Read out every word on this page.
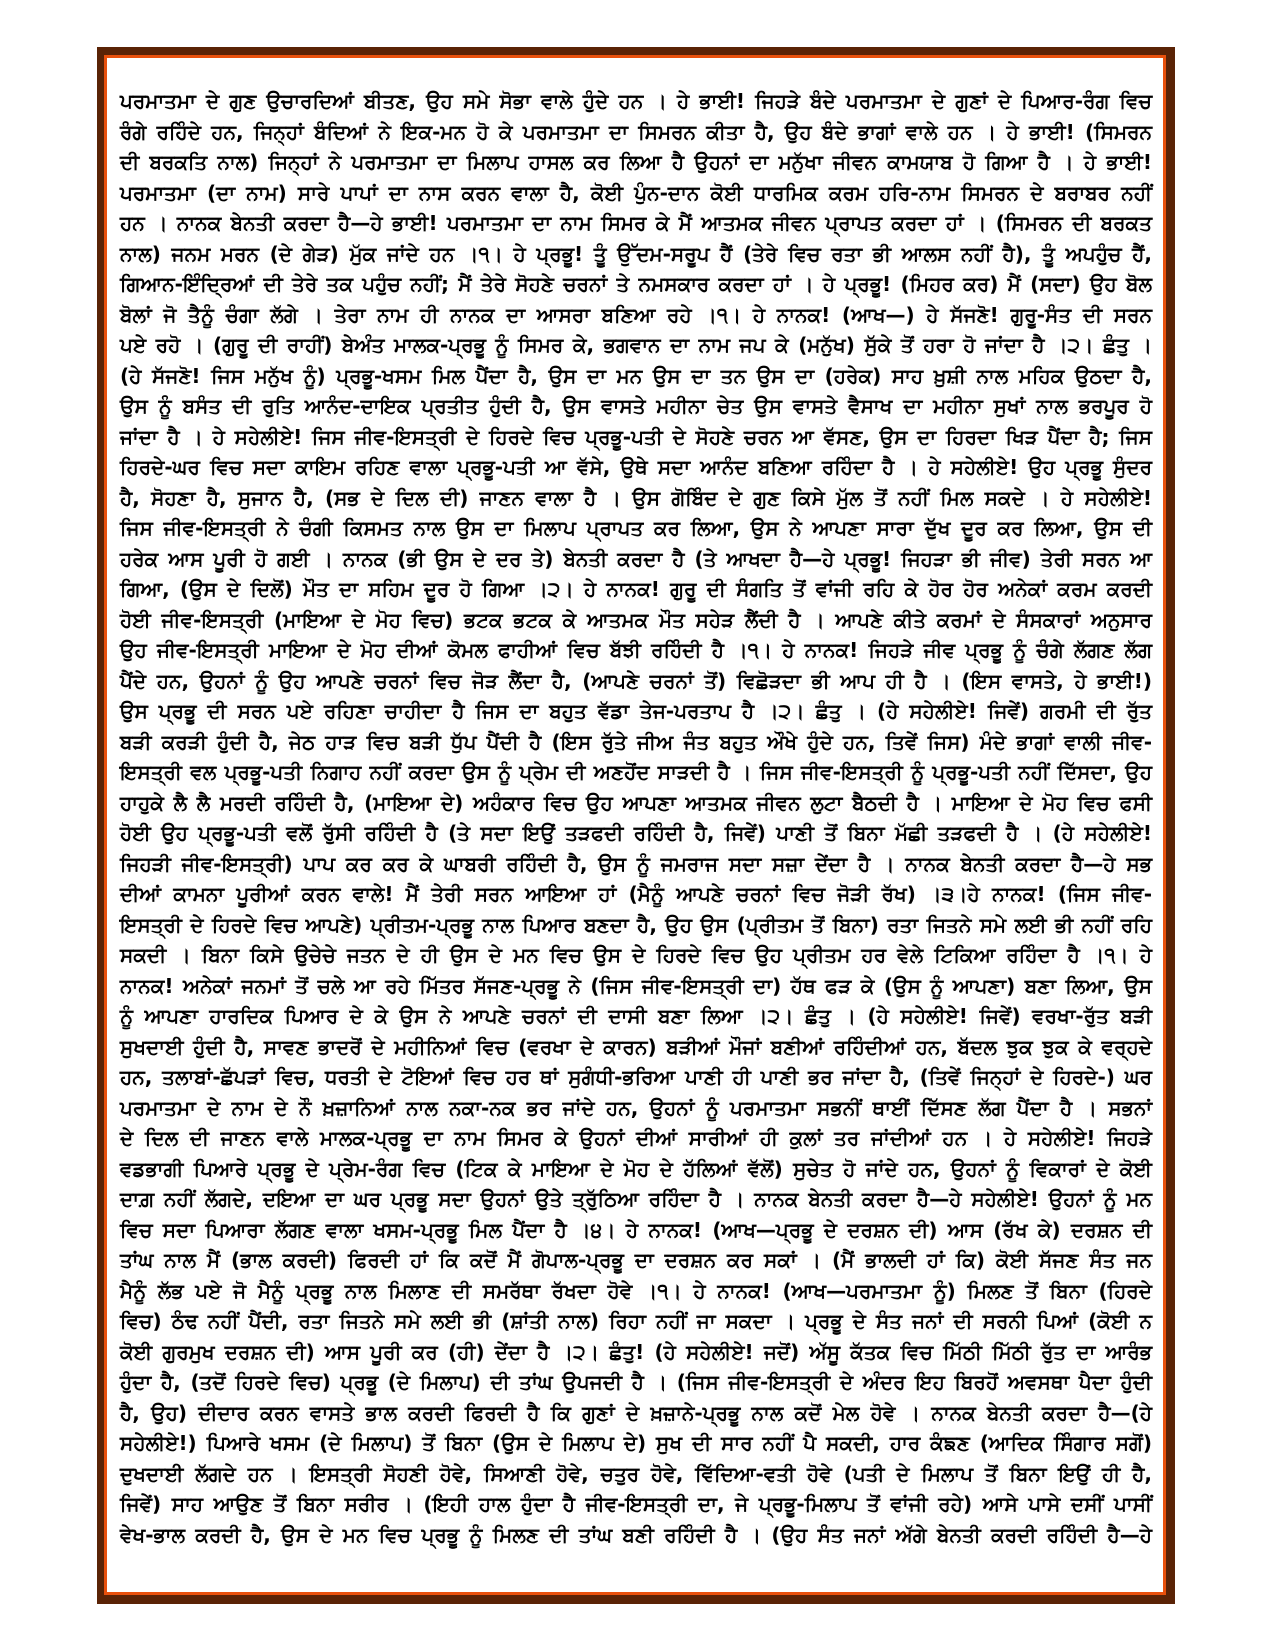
ਪਰਮਾਤਮਾ ਦੇ ਗੁਣ ਉਚਾਰਦਿਆਂ ਬੀਤਣ, ਉਹ ਸਮੇ ਸੋਭਾ ਵਾਲੇ ਹੁੰਦੇ ਹਨ । ਹੇ ਭਾਈ! ਜਿਹੜੇ ਬੰਦੇ ਪਰਮਾਤਮਾ ਦੇ ਗੁਣਾਂ ਦੇ ਪਿਆਰ-ਰੰਗ ਵਿਚ
ਰੰਗੇ ਰਹਿੰਦੇ ਹਨ, ਜਿਨ੍ਹਾਂ ਬੰਦਿਆਂ ਨੇ ਇਕ-ਮਨ ਹੋ ਕੇ ਪਰਮਾਤਮਾ ਦਾ ਸਿਮਰਨ ਕੀਤਾ ਹੈ, ਉਹ ਬੰਦੇ ਭਾਗਾਂ ਵਾਲੇ ਹਨ । ਹੇ ਭਾਈ! (ਸਿਮਰਨ
ਦੀ ਬਰਕਤਿ ਨਾਲ) ਜਿਨ੍ਹਾਂ ਨੇ ਪਰਮਾਤਮਾ ਦਾ ਮਿਲਾਪ ਹਾਸਲ ਕਰ ਲਿਆ ਹੈ ਉਹਨਾਂ ਦਾ ਮਨੁੱਖਾ ਜੀਵਨ ਕਾਮਯਾਬ ਹੋ ਗਿਆ ਹੈ । ਹੇ ਭਾਈ!
ਪਰਮਾਤਮਾ (ਦਾ ਨਾਮ) ਸਾਰੇ ਪਾਪਾਂ ਦਾ ਨਾਸ ਕਰਨ ਵਾਲਾ ਹੈ, ਕੋਈ ਪੁੰਨ-ਦਾਨ ਕੋਈ ਧਾਰਮਿਕ ਕਰਮ ਹਰਿ-ਨਾਮ ਸਿਮਰਨ ਦੇ ਬਰਾਬਰ ਨਹੀਂ
ਹਨ । ਨਾਨਕ ਬੇਨਤੀ ਕਰਦਾ ਹੈ—ਹੇ ਭਾਈ! ਪਰਮਾਤਮਾ ਦਾ ਨਾਮ ਸਿਮਰ ਕੇ ਮੈਂ ਆਤਮਕ ਜੀਵਨ ਪ੍ਰਾਪਤ ਕਰਦਾ ਹਾਂ । (ਸਿਮਰਨ ਦੀ ਬਰਕਤ
ਨਾਲ) ਜਨਮ ਮਰਨ (ਦੇ ਗੇੜ) ਮੁੱਕ ਜਾਂਦੇ ਹਨ ।੧। ਹੇ ਪ੍ਰਭੂ! ਤੂੰ ਉੱਦਮ-ਸਰੂਪ ਹੈਂ (ਤੇਰੇ ਵਿਚ ਰਤਾ ਭੀ ਆਲਸ ਨਹੀਂ ਹੈ), ਤੂੰ ਅਪਹੁੰਚ ਹੈਂ,
ਗਿਆਨ-ਇੰਦ੍ਰਿਆਂ ਦੀ ਤੇਰੇ ਤਕ ਪਹੁੰਚ ਨਹੀਂ; ਮੈਂ ਤੇਰੇ ਸੋਹਣੇ ਚਰਨਾਂ ਤੇ ਨਮਸਕਾਰ ਕਰਦਾ ਹਾਂ । ਹੇ ਪ੍ਰਭੂ! (ਮਿਹਰ ਕਰ) ਮੈਂ (ਸਦਾ) ਉਹ ਬੋਲ
ਬੋਲਾਂ ਜੋ ਤੈਨੂੰ ਚੰਗਾ ਲੱਗੇ । ਤੇਰਾ ਨਾਮ ਹੀ ਨਾਨਕ ਦਾ ਆਸਰਾ ਬਣਿਆ ਰਹੇ ।੧। ਹੇ ਨਾਨਕ! (ਆਖ—) ਹੇ ਸੱਜਣੋ! ਗੁਰੂ-ਸੰਤ ਦੀ ਸਰਨ
ਪਏ ਰਹੋ । (ਗੁਰੂ ਦੀ ਰਾਹੀਂ) ਬੇਅੰਤ ਮਾਲਕ-ਪ੍ਰਭੂ ਨੂੰ ਸਿਮਰ ਕੇ, ਭਗਵਾਨ ਦਾ ਨਾਮ ਜਪ ਕੇ (ਮਨੁੱਖ) ਸੁੱਕੇ ਤੋਂ ਹਰਾ ਹੋ ਜਾਂਦਾ ਹੈ ।੨। ਛੰਤੁ ।
(ਹੇ ਸੱਜਣੋ! ਜਿਸ ਮਨੁੱਖ ਨੂੰ) ਪ੍ਰਭੂ-ਖਸਮ ਮਿਲ ਪੈਂਦਾ ਹੈ, ਉਸ ਦਾ ਮਨ ਉਸ ਦਾ ਤਨ ਉਸ ਦਾ (ਹਰੇਕ) ਸਾਹ ਖ਼ੁਸ਼ੀ ਨਾਲ ਮਹਿਕ ਉਠਦਾ ਹੈ,
ਉਸ ਨੂੰ ਬਸੰਤ ਦੀ ਰੁਤਿ ਆਨੰਦ-ਦਾਇਕ ਪ੍ਰਤੀਤ ਹੁੰਦੀ ਹੈ, ਉਸ ਵਾਸਤੇ ਮਹੀਨਾ ਚੇਤ ਉਸ ਵਾਸਤੇ ਵੈਸਾਖ ਦਾ ਮਹੀਨਾ ਸੁਖਾਂ ਨਾਲ ਭਰਪੂਰ ਹੋ
ਜਾਂਦਾ ਹੈ । ਹੇ ਸਹੇਲੀਏ! ਜਿਸ ਜੀਵ-ਇਸਤ੍ਰੀ ਦੇ ਹਿਰਦੇ ਵਿਚ ਪ੍ਰਭੂ-ਪਤੀ ਦੇ ਸੋਹਣੇ ਚਰਨ ਆ ਵੱਸਣ, ਉਸ ਦਾ ਹਿਰਦਾ ਖਿੜ ਪੈਂਦਾ ਹੈ; ਜਿਸ
ਹਿਰਦੇ-ਘਰ ਵਿਚ ਸਦਾ ਕਾਇਮ ਰਹਿਣ ਵਾਲਾ ਪ੍ਰਭੂ-ਪਤੀ ਆ ਵੱਸੇ, ਉਥੇ ਸਦਾ ਆਨੰਦ ਬਣਿਆ ਰਹਿੰਦਾ ਹੈ । ਹੇ ਸਹੇਲੀਏ! ਉਹ ਪ੍ਰਭੂ ਸੁੰਦਰ
ਹੈ, ਸੋਹਣਾ ਹੈ, ਸੁਜਾਨ ਹੈ, (ਸਭ ਦੇ ਦਿਲ ਦੀ) ਜਾਣਨ ਵਾਲਾ ਹੈ । ਉਸ ਗੋਬਿੰਦ ਦੇ ਗੁਣ ਕਿਸੇ ਮੁੱਲ ਤੋਂ ਨਹੀਂ ਮਿਲ ਸਕਦੇ । ਹੇ ਸਹੇਲੀਏ!
ਜਿਸ ਜੀਵ-ਇਸਤ੍ਰੀ ਨੇ ਚੰਗੀ ਕਿਸਮਤ ਨਾਲ ਉਸ ਦਾ ਮਿਲਾਪ ਪ੍ਰਾਪਤ ਕਰ ਲਿਆ, ਉਸ ਨੇ ਆਪਣਾ ਸਾਰਾ ਦੁੱਖ ਦੂਰ ਕਰ ਲਿਆ, ਉਸ ਦੀ
ਹਰੇਕ ਆਸ ਪੂਰੀ ਹੋ ਗਈ । ਨਾਨਕ (ਭੀ ਉਸ ਦੇ ਦਰ ਤੇ) ਬੇਨਤੀ ਕਰਦਾ ਹੈ (ਤੇ ਆਖਦਾ ਹੈ—ਹੇ ਪ੍ਰਭੂ! ਜਿਹੜਾ ਭੀ ਜੀਵ) ਤੇਰੀ ਸਰਨ ਆ
ਗਿਆ, (ਉਸ ਦੇ ਦਿਲੋਂ) ਮੌਤ ਦਾ ਸਹਿਮ ਦੂਰ ਹੋ ਗਿਆ ।੨। ਹੇ ਨਾਨਕ! ਗੁਰੂ ਦੀ ਸੰਗਤਿ ਤੋਂ ਵਾਂਜੀ ਰਹਿ ਕੇ ਹੋਰ ਹੋਰ ਅਨੇਕਾਂ ਕਰਮ ਕਰਦੀ
ਹੋਈ ਜੀਵ-ਇਸਤ੍ਰੀ (ਮਾਇਆ ਦੇ ਮੋਹ ਵਿਚ) ਭਟਕ ਭਟਕ ਕੇ ਆਤਮਕ ਮੌਤ ਸਹੇੜ ਲੈਂਦੀ ਹੈ । ਆਪਣੇ ਕੀਤੇ ਕਰਮਾਂ ਦੇ ਸੰਸਕਾਰਾਂ ਅਨੁਸਾਰ
ਉਹ ਜੀਵ-ਇਸਤ੍ਰੀ ਮਾਇਆ ਦੇ ਮੋਹ ਦੀਆਂ ਕੋਮਲ ਫਾਹੀਆਂ ਵਿਚ ਬੱਝੀ ਰਹਿੰਦੀ ਹੈ ।੧। ਹੇ ਨਾਨਕ! ਜਿਹੜੇ ਜੀਵ ਪ੍ਰਭੂ ਨੂੰ ਚੰਗੇ ਲੱਗਣ ਲੱਗ
ਪੈਂਦੇ ਹਨ, ਉਹਨਾਂ ਨੂੰ ਉਹ ਆਪਣੇ ਚਰਨਾਂ ਵਿਚ ਜੋੜ ਲੈਂਦਾ ਹੈ, (ਆਪਣੇ ਚਰਨਾਂ ਤੋਂ) ਵਿਛੋੜਦਾ ਭੀ ਆਪ ਹੀ ਹੈ । (ਇਸ ਵਾਸਤੇ, ਹੇ ਭਾਈ!)
ਉਸ ਪ੍ਰਭੂ ਦੀ ਸਰਨ ਪਏ ਰਹਿਣਾ ਚਾਹੀਦਾ ਹੈ ਜਿਸ ਦਾ ਬਹੁਤ ਵੱਡਾ ਤੇਜ-ਪਰਤਾਪ ਹੈ ।੨। ਛੰਤੁ । (ਹੇ ਸਹੇਲੀਏ! ਜਿਵੇਂ) ਗਰਮੀ ਦੀ ਰੁੱਤ
ਬੜੀ ਕਰੜੀ ਹੁੰਦੀ ਹੈ, ਜੇਠ ਹਾੜ ਵਿਚ ਬੜੀ ਧੁੱਪ ਪੈਂਦੀ ਹੈ (ਇਸ ਰੁੱਤੇ ਜੀਅ ਜੰਤ ਬਹੁਤ ਔਖੇ ਹੁੰਦੇ ਹਨ, ਤਿਵੇਂ ਜਿਸ) ਮੰਦੇ ਭਾਗਾਂ ਵਾਲੀ ਜੀਵ-
ਇਸਤ੍ਰੀ ਵਲ ਪ੍ਰਭੂ-ਪਤੀ ਨਿਗਾਹ ਨਹੀਂ ਕਰਦਾ ਉਸ ਨੂੰ ਪ੍ਰੇਮ ਦੀ ਅਣਹੋਂਦ ਸਾੜਦੀ ਹੈ । ਜਿਸ ਜੀਵ-ਇਸਤ੍ਰੀ ਨੂੰ ਪ੍ਰਭੂ-ਪਤੀ ਨਹੀਂ ਦਿੱਸਦਾ, ਉਹ
ਹਾਹੁਕੇ ਲੈ ਲੈ ਮਰਦੀ ਰਹਿੰਦੀ ਹੈ, (ਮਾਇਆ ਦੇ) ਅਹੰਕਾਰ ਵਿਚ ਉਹ ਆਪਣਾ ਆਤਮਕ ਜੀਵਨ ਲੁਟਾ ਬੈਠਦੀ ਹੈ । ਮਾਇਆ ਦੇ ਮੋਹ ਵਿਚ ਫਸੀ
ਹੋਈ ਉਹ ਪ੍ਰਭੂ-ਪਤੀ ਵਲੋਂ ਰੁੱਸੀ ਰਹਿੰਦੀ ਹੈ (ਤੇ ਸਦਾ ਇਉਂ ਤੜਫਦੀ ਰਹਿੰਦੀ ਹੈ, ਜਿਵੇਂ) ਪਾਣੀ ਤੋਂ ਬਿਨਾ ਮੱਛੀ ਤੜਫਦੀ ਹੈ । (ਹੇ ਸਹੇਲੀਏ!
ਜਿਹੜੀ ਜੀਵ-ਇਸਤ੍ਰੀ) ਪਾਪ ਕਰ ਕਰ ਕੇ ਘਾਬਰੀ ਰਹਿੰਦੀ ਹੈ, ਉਸ ਨੂੰ ਜਮਰਾਜ ਸਦਾ ਸਜ਼ਾ ਦੇਂਦਾ ਹੈ । ਨਾਨਕ ਬੇਨਤੀ ਕਰਦਾ ਹੈ—ਹੇ ਸਭ
ਦੀਆਂ ਕਾਮਨਾ ਪੂਰੀਆਂ ਕਰਨ ਵਾਲੇ! ਮੈਂ ਤੇਰੀ ਸਰਨ ਆਇਆ ਹਾਂ (ਮੈਨੂੰ ਆਪਣੇ ਚਰਨਾਂ ਵਿਚ ਜੋੜੀ ਰੱਖ) ।੩।ਹੇ ਨਾਨਕ! (ਜਿਸ ਜੀਵ-
ਇਸਤ੍ਰੀ ਦੇ ਹਿਰਦੇ ਵਿਚ ਆਪਣੇ) ਪ੍ਰੀਤਮ-ਪ੍ਰਭੂ ਨਾਲ ਪਿਆਰ ਬਣਦਾ ਹੈ, ਉਹ ਉਸ (ਪ੍ਰੀਤਮ ਤੋਂ ਬਿਨਾ) ਰਤਾ ਜਿਤਨੇ ਸਮੇ ਲਈ ਭੀ ਨਹੀਂ ਰਹਿ
ਸਕਦੀ । ਬਿਨਾ ਕਿਸੇ ਉਚੇਚੇ ਜਤਨ ਦੇ ਹੀ ਉਸ ਦੇ ਮਨ ਵਿਚ ਉਸ ਦੇ ਹਿਰਦੇ ਵਿਚ ਉਹ ਪ੍ਰੀਤਮ ਹਰ ਵੇਲੇ ਟਿਕਿਆ ਰਹਿੰਦਾ ਹੈ ।੧। ਹੇ
ਨਾਨਕ! ਅਨੇਕਾਂ ਜਨਮਾਂ ਤੋਂ ਚਲੇ ਆ ਰਹੇ ਮਿੱਤਰ ਸੱਜਣ-ਪ੍ਰਭੂ ਨੇ (ਜਿਸ ਜੀਵ-ਇਸਤ੍ਰੀ ਦਾ) ਹੱਥ ਫੜ ਕੇ (ਉਸ ਨੂੰ ਆਪਣਾ) ਬਣਾ ਲਿਆ, ਉਸ
ਨੂੰ ਆਪਣਾ ਹਾਰਦਿਕ ਪਿਆਰ ਦੇ ਕੇ ਉਸ ਨੇ ਆਪਣੇ ਚਰਨਾਂ ਦੀ ਦਾਸੀ ਬਣਾ ਲਿਆ ।੨। ਛੰਤੁ । (ਹੇ ਸਹੇਲੀਏ! ਜਿਵੇਂ) ਵਰਖਾ-ਰੁੱਤ ਬੜੀ
ਸੁਖਦਾਈ ਹੁੰਦੀ ਹੈ, ਸਾਵਣ ਭਾਦਰੋਂ ਦੇ ਮਹੀਨਿਆਂ ਵਿਚ (ਵਰਖਾ ਦੇ ਕਾਰਨ) ਬੜੀਆਂ ਮੌਜਾਂ ਬਣੀਆਂ ਰਹਿੰਦੀਆਂ ਹਨ, ਬੱਦਲ ਝੁਕ ਝੁਕ ਕੇ ਵਰ੍ਹਦੇ
ਹਨ, ਤਲਾਬਾਂ-ਛੱਪੜਾਂ ਵਿਚ, ਧਰਤੀ ਦੇ ਟੋਇਆਂ ਵਿਚ ਹਰ ਥਾਂ ਸੁਗੰਧੀ-ਭਰਿਆ ਪਾਣੀ ਹੀ ਪਾਣੀ ਭਰ ਜਾਂਦਾ ਹੈ, (ਤਿਵੇਂ ਜਿਨ੍ਹਾਂ ਦੇ ਹਿਰਦੇ-) ਘਰ
ਪਰਮਾਤਮਾ ਦੇ ਨਾਮ ਦੇ ਨੌ ਖ਼ਜ਼ਾਨਿਆਂ ਨਾਲ ਨਕਾ-ਨਕ ਭਰ ਜਾਂਦੇ ਹਨ, ਉਹਨਾਂ ਨੂੰ ਪਰਮਾਤਮਾ ਸਭਨੀਂ ਥਾਈਂ ਦਿੱਸਣ ਲੱਗ ਪੈਂਦਾ ਹੈ । ਸਭਨਾਂ
ਦੇ ਦਿਲ ਦੀ ਜਾਣਨ ਵਾਲੇ ਮਾਲਕ-ਪ੍ਰਭੂ ਦਾ ਨਾਮ ਸਿਮਰ ਕੇ ਉਹਨਾਂ ਦੀਆਂ ਸਾਰੀਆਂ ਹੀ ਕੁਲਾਂ ਤਰ ਜਾਂਦੀਆਂ ਹਨ । ਹੇ ਸਹੇਲੀਏ! ਜਿਹੜੇ
ਵਡਭਾਗੀ ਪਿਆਰੇ ਪ੍ਰਭੂ ਦੇ ਪ੍ਰੇਮ-ਰੰਗ ਵਿਚ (ਟਿਕ ਕੇ ਮਾਇਆ ਦੇ ਮੋਹ ਦੇ ਹੱਲਿਆਂ ਵੱਲੋਂ) ਸੁਚੇਤ ਹੋ ਜਾਂਦੇ ਹਨ, ਉਹਨਾਂ ਨੂੰ ਵਿਕਾਰਾਂ ਦੇ ਕੋਈ
ਦਾਗ਼ ਨਹੀਂ ਲੱਗਦੇ, ਦਇਆ ਦਾ ਘਰ ਪ੍ਰਭੂ ਸਦਾ ਉਹਨਾਂ ਉਤੇ ਤ੍ਰੁੱਠਿਆ ਰਹਿੰਦਾ ਹੈ । ਨਾਨਕ ਬੇਨਤੀ ਕਰਦਾ ਹੈ—ਹੇ ਸਹੇਲੀਏ! ਉਹਨਾਂ ਨੂੰ ਮਨ
ਵਿਚ ਸਦਾ ਪਿਆਰਾ ਲੱਗਣ ਵਾਲਾ ਖਸਮ-ਪ੍ਰਭੂ ਮਿਲ ਪੈਂਦਾ ਹੈ ।੪। ਹੇ ਨਾਨਕ! (ਆਖ—ਪ੍ਰਭੂ ਦੇ ਦਰਸ਼ਨ ਦੀ) ਆਸ (ਰੱਖ ਕੇ) ਦਰਸ਼ਨ ਦੀ
ਤਾਂਘ ਨਾਲ ਮੈਂ (ਭਾਲ ਕਰਦੀ) ਫਿਰਦੀ ਹਾਂ ਕਿ ਕਦੋਂ ਮੈਂ ਗੋਪਾਲ-ਪ੍ਰਭੂ ਦਾ ਦਰਸ਼ਨ ਕਰ ਸਕਾਂ । (ਮੈਂ ਭਾਲਦੀ ਹਾਂ ਕਿ) ਕੋਈ ਸੱਜਣ ਸੰਤ ਜਨ
ਮੈਨੂੰ ਲੱਭ ਪਏ ਜੋ ਮੈਨੂੰ ਪ੍ਰਭੂ ਨਾਲ ਮਿਲਾਣ ਦੀ ਸਮਰੱਥਾ ਰੱਖਦਾ ਹੋਵੇ ।੧। ਹੇ ਨਾਨਕ! (ਆਖ—ਪਰਮਾਤਮਾ ਨੂੰ) ਮਿਲਣ ਤੋਂ ਬਿਨਾ (ਹਿਰਦੇ
ਵਿਚ) ਠੰਢ ਨਹੀਂ ਪੈਂਦੀ, ਰਤਾ ਜਿਤਨੇ ਸਮੇ ਲਈ ਭੀ (ਸ਼ਾਂਤੀ ਨਾਲ) ਰਿਹਾ ਨਹੀਂ ਜਾ ਸਕਦਾ । ਪ੍ਰਭੂ ਦੇ ਸੰਤ ਜਨਾਂ ਦੀ ਸਰਨੀ ਪਿਆਂ (ਕੋਈ ਨ
ਕੋਈ ਗੁਰਮੁਖ ਦਰਸ਼ਨ ਦੀ) ਆਸ ਪੂਰੀ ਕਰ (ਹੀ) ਦੇਂਦਾ ਹੈ ।੨। ਛੰਤੁ! (ਹੇ ਸਹੇਲੀਏ! ਜਦੋਂ) ਅੱਸੂ ਕੱਤਕ ਵਿਚ ਮਿੱਠੀ ਮਿੱਠੀ ਰੁੱਤ ਦਾ ਆਰੰਭ
ਹੁੰਦਾ ਹੈ, (ਤਦੋਂ ਹਿਰਦੇ ਵਿਚ) ਪ੍ਰਭੂ (ਦੇ ਮਿਲਾਪ) ਦੀ ਤਾਂਘ ਉਪਜਦੀ ਹੈ । (ਜਿਸ ਜੀਵ-ਇਸਤ੍ਰੀ ਦੇ ਅੰਦਰ ਇਹ ਬਿਰਹੋਂ ਅਵਸਥਾ ਪੈਦਾ ਹੁੰਦੀ
ਹੈ, ਉਹ) ਦੀਦਾਰ ਕਰਨ ਵਾਸਤੇ ਭਾਲ ਕਰਦੀ ਫਿਰਦੀ ਹੈ ਕਿ ਗੁਣਾਂ ਦੇ ਖ਼ਜ਼ਾਨੇ-ਪ੍ਰਭੂ ਨਾਲ ਕਦੋਂ ਮੇਲ ਹੋਵੇ । ਨਾਨਕ ਬੇਨਤੀ ਕਰਦਾ ਹੈ—(ਹੇ
ਸਹੇਲੀਏ!) ਪਿਆਰੇ ਖਸਮ (ਦੇ ਮਿਲਾਪ) ਤੋਂ ਬਿਨਾ (ਉਸ ਦੇ ਮਿਲਾਪ ਦੇ) ਸੁਖ ਦੀ ਸਾਰ ਨਹੀਂ ਪੈ ਸਕਦੀ, ਹਾਰ ਕੰਙਣ (ਆਦਿਕ ਸਿੰਗਾਰ ਸਗੋਂ)
ਦੁਖਦਾਈ ਲੱਗਦੇ ਹਨ । ਇਸਤ੍ਰੀ ਸੋਹਣੀ ਹੋਵੇ, ਸਿਆਣੀ ਹੋਵੇ, ਚਤੁਰ ਹੋਵੇ, ਵਿੱਦਿਆ-ਵਤੀ ਹੋਵੇ (ਪਤੀ ਦੇ ਮਿਲਾਪ ਤੋਂ ਬਿਨਾ ਇਉਂ ਹੀ ਹੈ,
ਜਿਵੇਂ) ਸਾਹ ਆਉਣ ਤੋਂ ਬਿਨਾ ਸਰੀਰ । (ਇਹੀ ਹਾਲ ਹੁੰਦਾ ਹੈ ਜੀਵ-ਇਸਤ੍ਰੀ ਦਾ, ਜੇ ਪ੍ਰਭੂ-ਮਿਲਾਪ ਤੋਂ ਵਾਂਜੀ ਰਹੇ) ਆਸੇ ਪਾਸੇ ਦਸੀਂ ਪਾਸੀਂ
ਵੇਖ-ਭਾਲ ਕਰਦੀ ਹੈ, ਉਸ ਦੇ ਮਨ ਵਿਚ ਪ੍ਰਭੂ ਨੂੰ ਮਿਲਣ ਦੀ ਤਾਂਘ ਬਣੀ ਰਹਿੰਦੀ ਹੈ । (ਉਹ ਸੰਤ ਜਨਾਂ ਅੱਗੇ ਬੇਨਤੀ ਕਰਦੀ ਰਹਿੰਦੀ ਹੈ—ਹੇ
